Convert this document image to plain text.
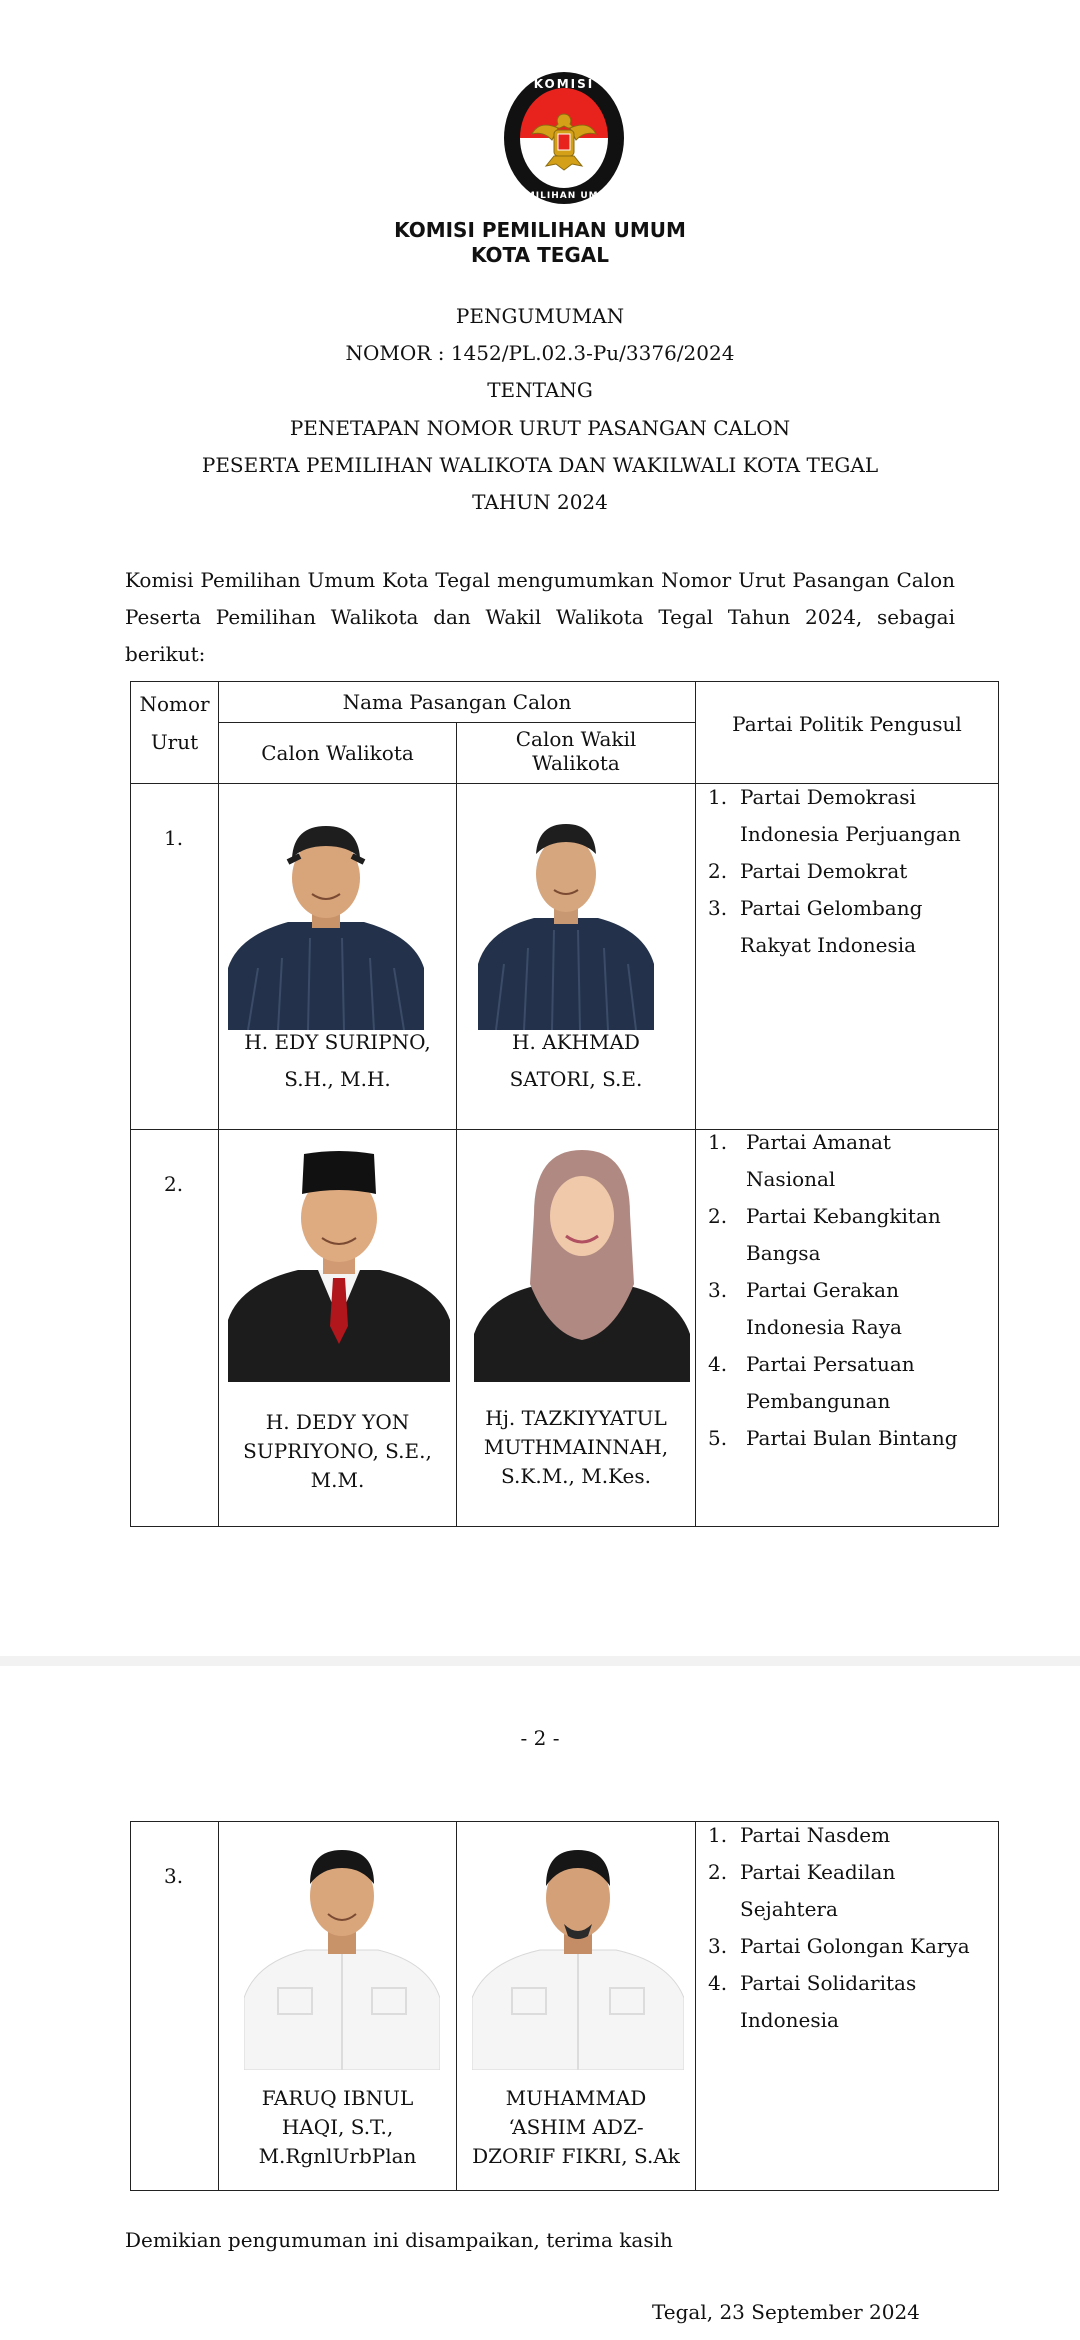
KOMISI
PEMILIHAN UMUM
KOMISI PEMILIHAN UMUM
KOTA TEGAL
PENGUMUMAN
NOMOR : 1452/PL.02.3-Pu/3376/2024
TENTANG
PENETAPAN NOMOR URUT PASANGAN CALON
PESERTA PEMILIHAN WALIKOTA DAN WAKILWALI KOTA TEGAL
TAHUN 2024
Komisi Pemilihan Umum Kota Tegal mengumumkan Nomor Urut Pasangan Calon Peserta Pemilihan Walikota dan Wakil Walikota Tegal Tahun 2024, sebagai berikut:
Nomor
Urut
Nama Pasangan Calon
Calon Walikota
Calon Wakil
Walikota
Partai Politik Pengusul
1.
H. EDY SURIPNO,
S.H., M.H.
H. AKHMAD
SATORI, S.E.
1. Partai Demokrasi
Indonesia Perjuangan
2. Partai Demokrat
3. Partai Gelombang
Rakyat Indonesia
2.
H. DEDY YON
SUPRIYONO, S.E.,
M.M.
Hj. TAZKIYYATUL
MUTHMAINNAH,
S.K.M., M.Kes.
1. Partai Amanat
Nasional
2. Partai Kebangkitan
Bangsa
3. Partai Gerakan
Indonesia Raya
4. Partai Persatuan
Pembangunan
5. Partai Bulan Bintang
- 2 -
3.
FARUQ IBNUL
HAQI, S.T.,
M.RgnlUrbPlan
MUHAMMAD
‘ASHIM ADZ-
DZORIF FIKRI, S.Ak
1. Partai Nasdem
2. Partai Keadilan
Sejahtera
3. Partai Golongan Karya
4. Partai Solidaritas
Indonesia
Demikian pengumuman ini disampaikan, terima kasih
Tegal, 23 September 2024
